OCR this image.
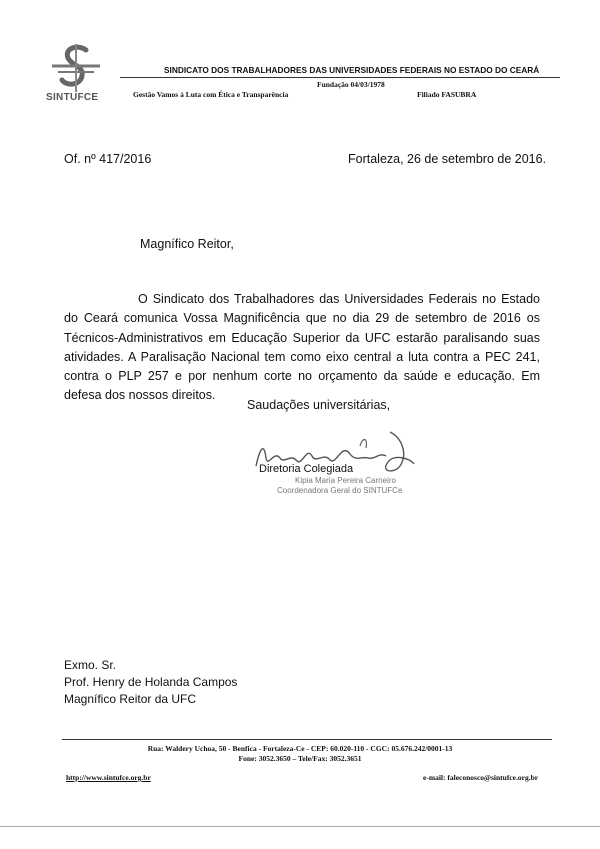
SINTUFCE
SINDICATO DOS TRABALHADORES DAS UNIVERSIDADES FEDERAIS NO ESTADO DO CEARÁ
Fundação 04/03/1978
Gestão Vamos à Luta com Ética e Transparência	Filiado FASUBRA
Of. nº 417/2016	Fortaleza, 26 de setembro de 2016.
Magnífico Reitor,
O Sindicato dos Trabalhadores das Universidades Federais no Estado do Ceará comunica Vossa Magnificência que no dia 29 de setembro de 2016 os Técnicos-Administrativos em Educação Superior da UFC estarão paralisando suas atividades. A Paralisação Nacional tem como eixo central a luta contra a PEC 241, contra o PLP 257 e por nenhum corte no orçamento da saúde e educação. Em defesa dos nossos direitos.
Saudações universitárias,
Diretoria Colegiada
Kipia Maria Pereira Carneiro
Coordenadora Geral do SINTUFCe
Exmo. Sr.
Prof. Henry de Holanda Campos
Magnífico Reitor da UFC
Rua: Waldery Uchoa, 50 - Benfica - Fortaleza-Ce - CEP: 60.020-110 - CGC: 05.676.242/0001-13
Fone: 3052.3650 – Tele/Fax: 3052.3651
http://www.sintufce.org.br	e-mail: faleconosco@sintufce.org.br
